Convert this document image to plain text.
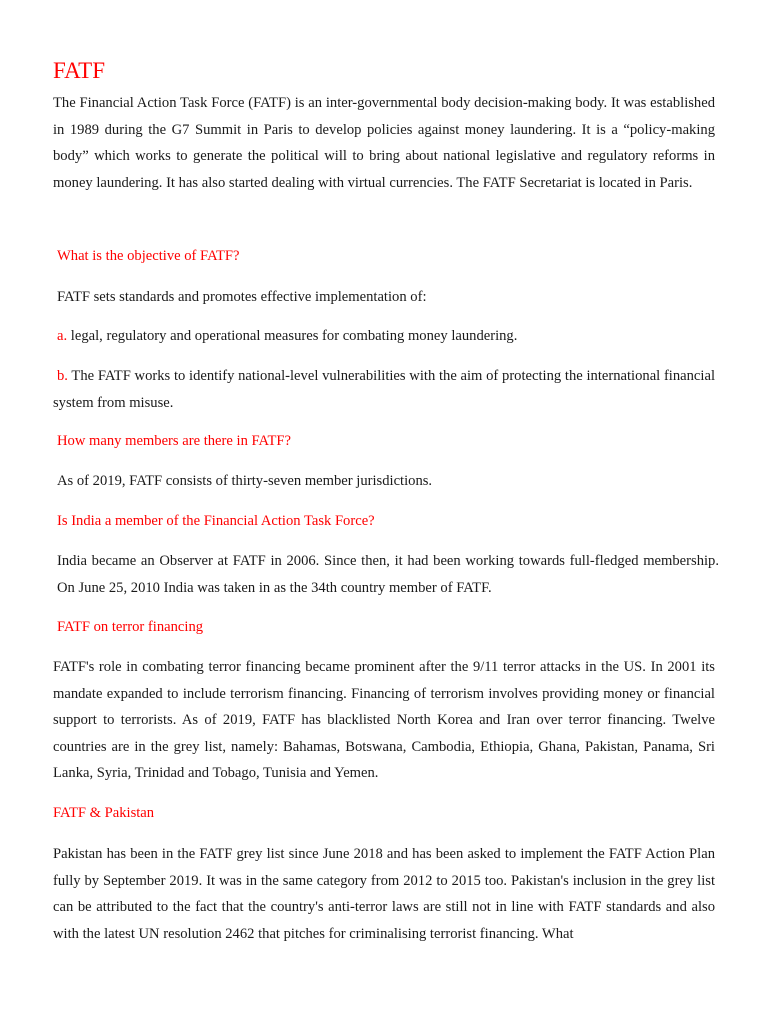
FATF

The Financial Action Task Force (FATF) is an inter-governmental body decision-making body. It was established in 1989 during the G7 Summit in Paris to develop policies against money laundering. It is a “policy-making body” which works to generate the political will to bring about national legislative and regulatory reforms in money laundering. It has also started dealing with virtual currencies. The FATF Secretariat is located in Paris.

What is the objective of FATF?

FATF sets standards and promotes effective implementation of:

a. legal, regulatory and operational measures for combating money laundering.

b. The FATF works to identify national-level vulnerabilities with the aim of protecting the international financial system from misuse.

How many members are there in FATF?

As of 2019, FATF consists of thirty-seven member jurisdictions.

Is India a member of the Financial Action Task Force?

India became an Observer at FATF in 2006. Since then, it had been working towards full-fledged membership. On June 25, 2010 India was taken in as the 34th country member of FATF.

FATF on terror financing

FATF's role in combating terror financing became prominent after the 9/11 terror attacks in the US. In 2001 its mandate expanded to include terrorism financing. Financing of terrorism involves providing money or financial support to terrorists. As of 2019, FATF has blacklisted North Korea and Iran over terror financing. Twelve countries are in the grey list, namely: Bahamas, Botswana, Cambodia, Ethiopia, Ghana, Pakistan, Panama, Sri Lanka, Syria, Trinidad and Tobago, Tunisia and Yemen.

FATF & Pakistan

Pakistan has been in the FATF grey list since June 2018 and has been asked to implement the FATF Action Plan fully by September 2019. It was in the same category from 2012 to 2015 too. Pakistan's inclusion in the grey list can be attributed to the fact that the country's anti-terror laws are still not in line with FATF standards and also with the latest UN resolution 2462 that pitches for criminalising terrorist financing. What
